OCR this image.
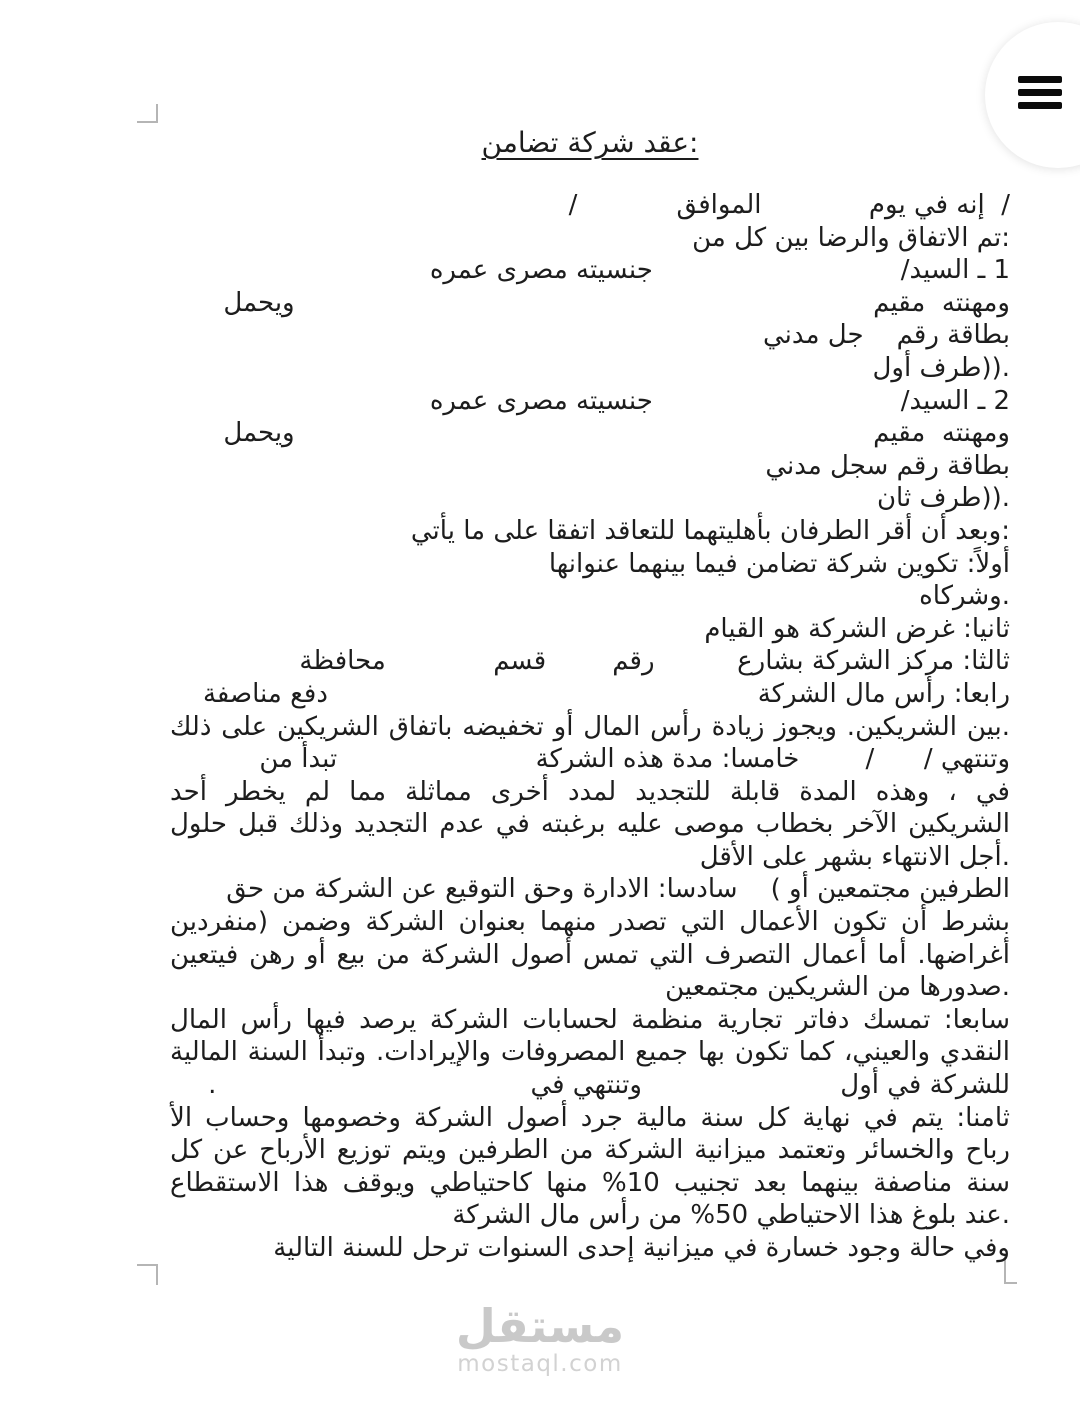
:عقد شركة تضامن
/  إنه في يوم             الموافق            /
:تم الاتفاق والرضا بين كل من
1 ـ السيد/                              جنسيته مصرى عمره
ومهنته  مقيم                                                                      ويحمل
بطاقة رقم    جل مدني
.((طرف أول
2 ـ السيد/                              جنسيته مصرى عمره
ومهنته  مقيم                                                                      ويحمل
بطاقة رقم سجل مدني
.((طرف ثان
:وبعد أن أقر الطرفان بأهليتهما للتعاقد اتفقا على ما يأتي
أولاً: تكوين شركة تضامن فيما بينهما عنوانها
.وشركاه
ثانيا: غرض الشركة هو القيام
ثالثا: مركز الشركة بشارع          رقم        قسم             محافظة
رابعا: رأس مال الشركة                                                    دفع مناصفة
.بين الشريكين. ويجوز زيادة رأس المال أو تخفيضه باتفاق الشريكين على ذلك
وتنتهي /      /        خامسا: مدة هذه الشركة                        تبدأ من
في ، وهذه المدة قابلة للتجديد لمدد أخرى مماثلة مما لم يخطر أحد
الشريكين الآخر بخطاب موصى عليه برغبته في عدم التجديد وذلك قبل حلول
.أجل الانتهاء بشهر على الأقل
الطرفين مجتمعين أو )    سادسا: الادارة وحق التوقيع عن الشركة من حق
بشرط أن تكون الأعمال التي تصدر منهما بعنوان الشركة وضمن (منفردين
أغراضها. أما أعمال التصرف التي تمس أصول الشركة من بيع أو رهن فيتعين
.صدورها من الشريكين مجتمعين
سابعا: تمسك دفاتر تجارية منظمة لحسابات الشركة يرصد فيها رأس المال
النقدي والعيني، كما تكون بها جميع المصروفات والإيرادات. وتبدأ السنة المالية
للشركة في أول                        وتنتهي في                                      .
ثامنا: يتم في نهاية كل سنة مالية جرد أصول الشركة وخصومها وحساب الأ
رباح والخسائر وتعتمد ميزانية الشركة من الطرفين ويتم توزيع الأرباح عن كل
سنة مناصفة بينهما بعد تجنيب 10% منها كاحتياطي ويوقف هذا الاستقطاع
.عند بلوغ هذا الاحتياطي 50% من رأس مال الشركة
وفي حالة وجود خسارة في ميزانية إحدى السنوات ترحل للسنة التالية
مستقل
mostaql.com
